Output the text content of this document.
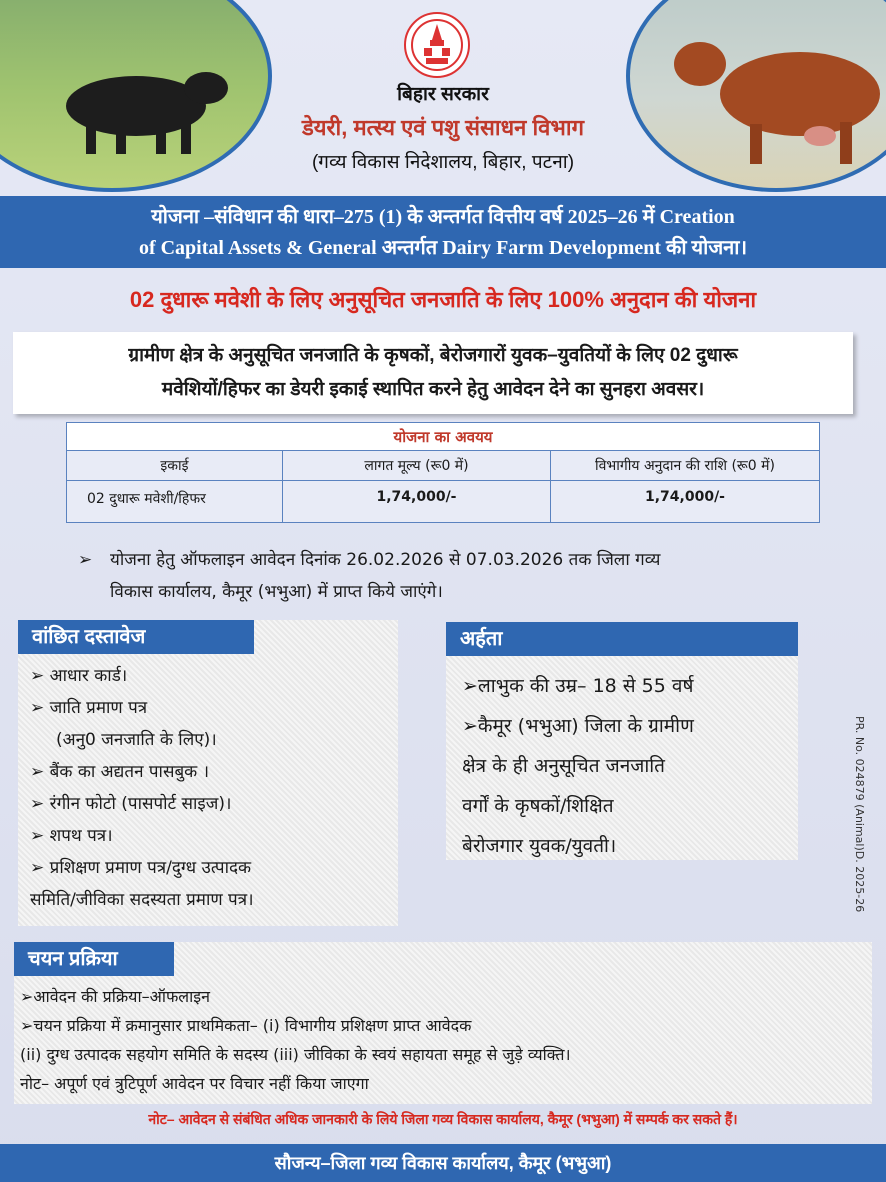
बिहार सरकार
डेयरी, मत्स्य एवं पशु संसाधन विभाग
(गव्य विकास निदेशालय, बिहार, पटना)
योजना –संविधान की धारा–275 (1) के अन्तर्गत वित्तीय वर्ष 2025–26 में Creation
of Capital Assets & General अन्तर्गत Dairy Farm Development की योजना।
02 दुधारू मवेशी के लिए अनुसूचित जनजाति के लिए 100% अनुदान की योजना
ग्रामीण क्षेत्र के अनुसूचित जनजाति के कृषकों, बेरोजगारों युवक–युवतियों के लिए 02 दुधारू
मवेशियों/हिफर का डेयरी इकाई स्थापित करने हेतु आवेदन देने का सुनहरा अवसर।
योजना का अवयय		
इकाई	लागत मूल्य (रू0 में)	विभागीय अनुदान की राशि (रू0 में)
02 दुधारू मवेशी/हिफर	1,74,000/-	1,74,000/-
➢ योजना हेतु ऑफलाइन आवेदन दिनांक 26.02.2026 से 07.03.2026 तक जिला गव्य
विकास कार्यालय, कैमूर (भभुआ) में प्राप्त किये जाएंगे।
वांछित दस्तावेज
➢ आधार कार्ड।
➢ जाति प्रमाण पत्र
(अनु0 जनजाति के लिए)।
➢ बैंक का अद्यतन पासबुक ।
➢ रंगीन फोटो (पासपोर्ट साइज)।
➢ शपथ पत्र।
➢ प्रशिक्षण प्रमाण पत्र/दुग्ध उत्पादक
समिति/जीविका सदस्यता प्रमाण पत्र।
अर्हता
➢लाभुक की उम्र– 18 से 55 वर्ष
➢कैमूर (भभुआ) जिला के ग्रामीण
क्षेत्र के ही अनुसूचित जनजाति
वर्गों के कृषकों/शिक्षित
बेरोजगार युवक/युवती।
चयन प्रक्रिया
➢आवेदन की प्रक्रिया–ऑफलाइन
➢चयन प्रक्रिया में क्रमानुसार प्राथमिकता– (i) विभागीय प्रशिक्षण प्राप्त आवेदक
(ii) दुग्ध उत्पादक सहयोग समिति के सदस्य (iii) जीविका के स्वयं सहायता समूह से जुड़े व्यक्ति।
नोट– अपूर्ण एवं त्रुटिपूर्ण आवेदन पर विचार नहीं किया जाएगा
नोट– आवेदन से संबंधित अधिक जानकारी के लिये जिला गव्य विकास कार्यालय, कैमूर (भभुआ) में सम्पर्क कर सकते हैं।
सौजन्य–जिला गव्य विकास कार्यालय, कैमूर (भभुआ)
PR. No. 024879 (Animal)D. 2025-26
